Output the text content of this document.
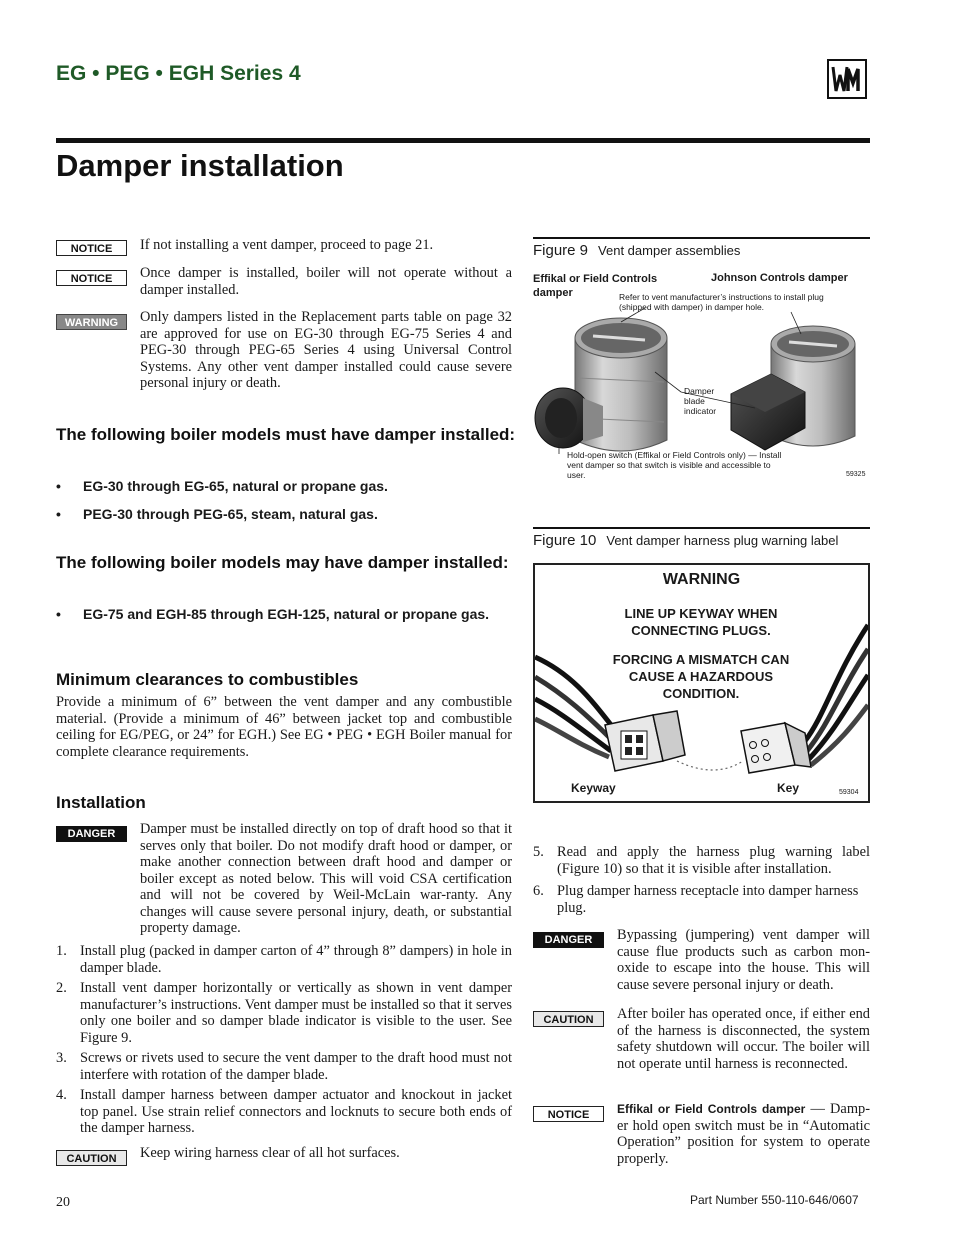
EG • PEG • EGH Series 4
Damper installation
NOTICE	If not installing a vent damper, proceed to page 21.
NOTICE	Once damper is installed, boiler will not operate without a damper installed.
WARNING	Only dampers listed in the Replacement parts table on page 32 are approved for use on EG-30 through EG-75 Series 4 and PEG-30 through PEG-65 Series 4 using Universal Control Systems. Any other vent damper installed could cause severe personal injury or death.
The following boiler models must have damper installed:
• EG-30 through EG-65, natural or propane gas.
• PEG-30 through PEG-65, steam, natural gas.
The following boiler models may have damper installed:
• EG-75 and EGH-85 through EGH-125, natural or propane gas.
Minimum clearances to combustibles
Provide a minimum of 6” between the vent damper and any combustible material. (Provide a minimum of 46” between jacket top and combustible ceiling for EG/PEG, or 24” for EGH.) See EG • PEG • EGH Boiler manual for complete clearance requirements.
Installation
DANGER	Damper must be installed directly on top of draft hood so that it serves only that boiler. Do not modify draft hood or damper, or make another connection between draft hood and damper or boiler except as noted below. This will void CSA certification and will not be covered by Weil-McLain war-ranty. Any changes will cause severe personal injury, death, or substantial property damage.
1. Install plug (packed in damper carton of 4” through 8” dampers) in hole in damper blade.
2. Install vent damper horizontally or vertically as shown in vent damper manufacturer’s instructions. Vent damper must be installed so that it serves only one boiler and so damper blade indicator is visible to the user. See Figure 9.
3. Screws or rivets used to secure the vent damper to the draft hood must not interfere with rotation of the damper blade.
4. Install damper harness between damper actuator and knockout in jacket top panel. Use strain relief connectors and locknuts to secure both ends of the damper harness.
CAUTION	Keep wiring harness clear of all hot surfaces.
Figure 9 Vent damper assemblies
Effikal or Field Controls damper
Johnson Controls damper
Refer to vent manufacturer’s instructions to install plug (shipped with damper) in damper hole.
Damper blade indicator
Hold-open switch (Effikal or Field Controls only) — Install vent damper so that switch is visible and accessible to user.	59325
Figure 10 Vent damper harness plug warning label
WARNING
LINE UP KEYWAY WHEN CONNECTING PLUGS.
FORCING A MISMATCH CAN CAUSE A HAZARDOUS CONDITION.
Keyway	Key	59304
5. Read and apply the harness plug warning label (Figure 10) so that it is visible after installation.
6. Plug damper harness receptacle into damper harness plug.
DANGER	Bypassing (jumpering) vent damper will cause flue products such as carbon mon-oxide to escape into the house. This will cause severe personal injury or death.
CAUTION	After boiler has operated once, if either end of the harness is disconnected, the system safety shutdown will occur. The boiler will not operate until harness is reconnected.
NOTICE	Effikal or Field Controls damper — Damp-er hold open switch must be in “Automatic Operation” position for system to operate properly.
20	Part Number 550-110-646/0607
